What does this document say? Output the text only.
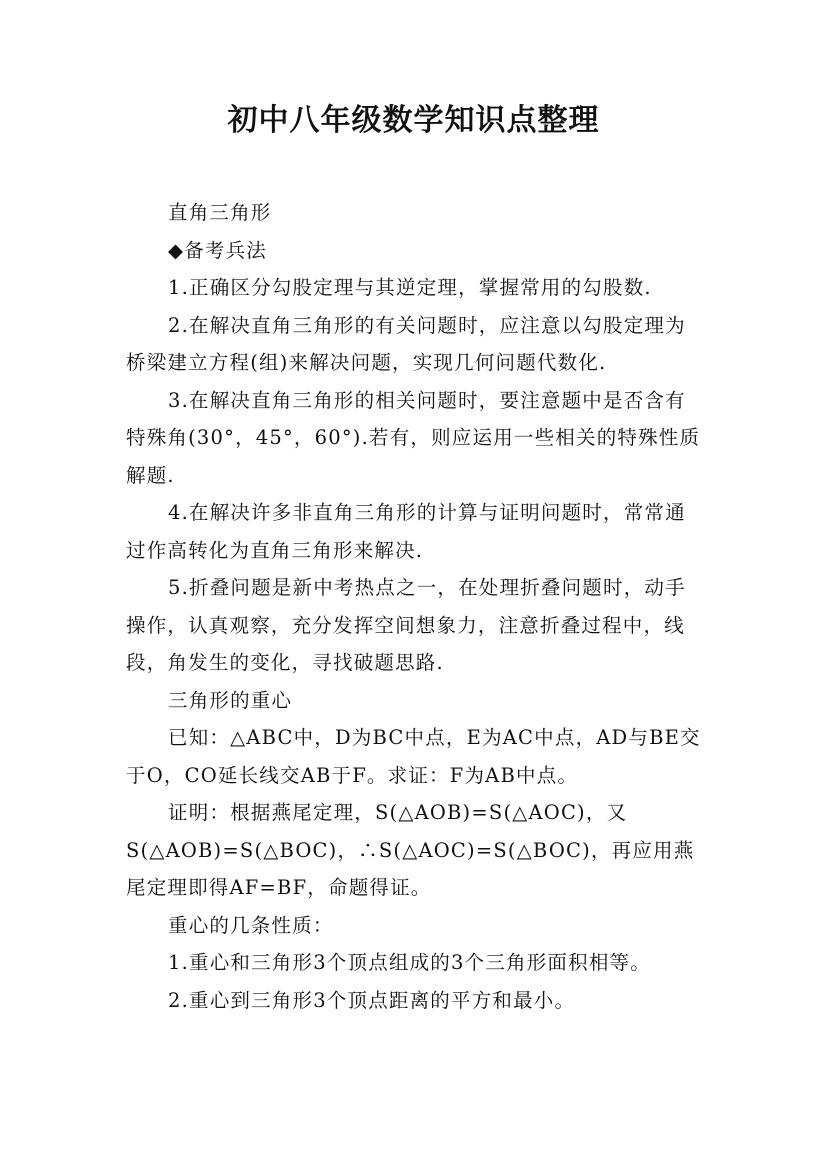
初中八年级数学知识点整理

直角三角形

◆备考兵法

1.正确区分勾股定理与其逆定理，掌握常用的勾股数.

2.在解决直角三角形的有关问题时，应注意以勾股定理为桥梁建立方程(组)来解决问题，实现几何问题代数化.

3.在解决直角三角形的相关问题时，要注意题中是否含有特殊角(30°，45°，60°).若有，则应运用一些相关的特殊性质解题.

4.在解决许多非直角三角形的计算与证明问题时，常常通过作高转化为直角三角形来解决.

5.折叠问题是新中考热点之一，在处理折叠问题时，动手操作，认真观察，充分发挥空间想象力，注意折叠过程中，线段，角发生的变化，寻找破题思路.

三角形的重心

已知：△ABC中，D为BC中点，E为AC中点，AD与BE交于O，CO延长线交AB于F。求证：F为AB中点。

证明：根据燕尾定理，S(△AOB)=S(△AOC)，又S(△AOB)=S(△BOC)，∴S(△AOC)=S(△BOC)，再应用燕尾定理即得AF=BF，命题得证。

重心的几条性质：

1.重心和三角形3个顶点组成的3个三角形面积相等。

2.重心到三角形3个顶点距离的平方和最小。
